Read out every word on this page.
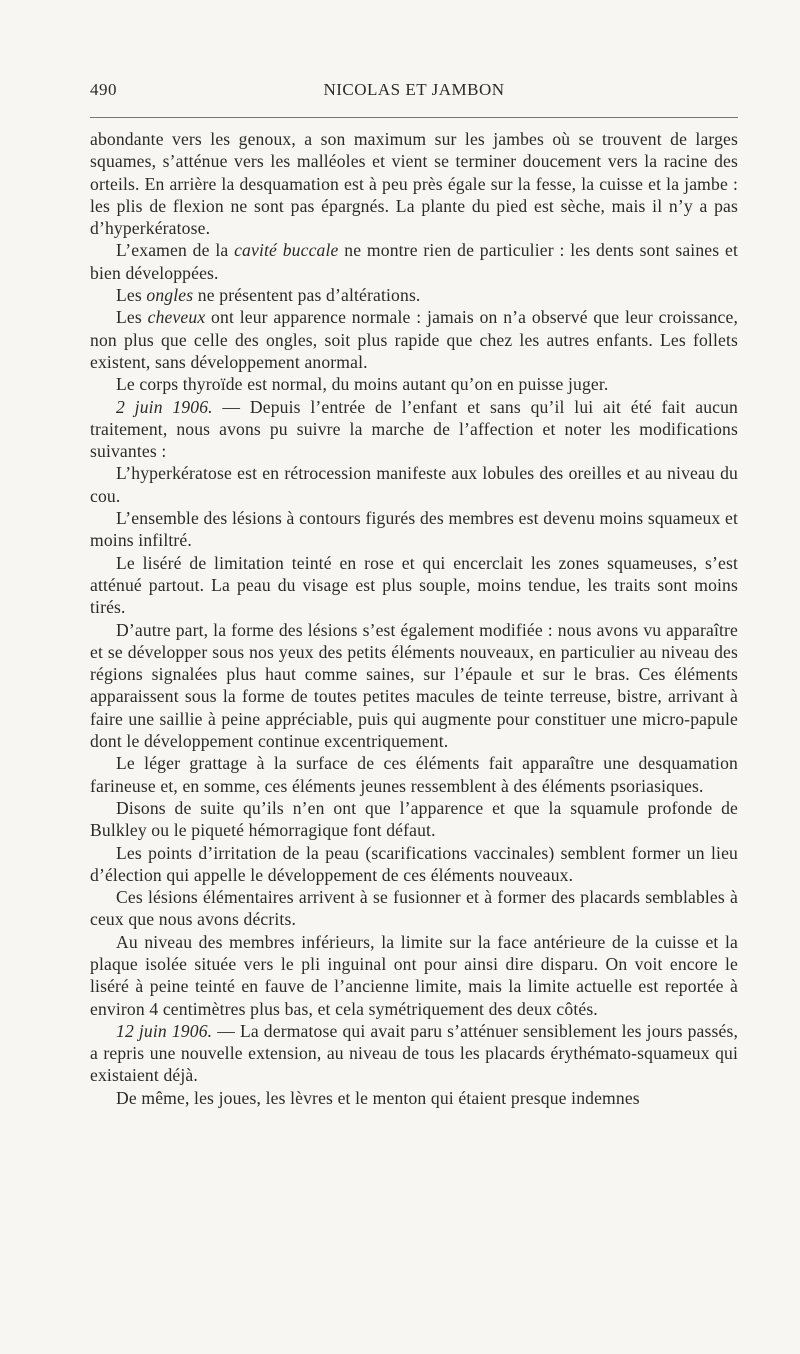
490	NICOLAS ET JAMBON

abondante vers les genoux, a son maximum sur les jambes où se trouvent de larges squames, s’atténue vers les malléoles et vient se terminer doucement vers la racine des orteils. En arrière la desquamation est à peu près égale sur la fesse, la cuisse et la jambe : les plis de flexion ne sont pas épargnés. La plante du pied est sèche, mais il n’y a pas d’hyperkératose.

L’examen de la cavité buccale ne montre rien de particulier : les dents sont saines et bien développées.

Les ongles ne présentent pas d’altérations.

Les cheveux ont leur apparence normale : jamais on n’a observé que leur croissance, non plus que celle des ongles, soit plus rapide que chez les autres enfants. Les follets existent, sans développement anormal.

Le corps thyroïde est normal, du moins autant qu’on en puisse juger.

2 juin 1906. — Depuis l’entrée de l’enfant et sans qu’il lui ait été fait aucun traitement, nous avons pu suivre la marche de l’affection et noter les modifications suivantes :

L’hyperkératose est en rétrocession manifeste aux lobules des oreilles et au niveau du cou.

L’ensemble des lésions à contours figurés des membres est devenu moins squameux et moins infiltré.

Le liséré de limitation teinté en rose et qui encerclait les zones squameuses, s’est atténué partout. La peau du visage est plus souple, moins tendue, les traits sont moins tirés.

D’autre part, la forme des lésions s’est également modifiée : nous avons vu apparaître et se développer sous nos yeux des petits éléments nouveaux, en particulier au niveau des régions signalées plus haut comme saines, sur l’épaule et sur le bras. Ces éléments apparaissent sous la forme de toutes petites macules de teinte terreuse, bistre, arrivant à faire une saillie à peine appréciable, puis qui augmente pour constituer une micro-papule dont le développement continue excentriquement.

Le léger grattage à la surface de ces éléments fait apparaître une desquamation farineuse et, en somme, ces éléments jeunes ressemblent à des éléments psoriasiques.

Disons de suite qu’ils n’en ont que l’apparence et que la squamule profonde de Bulkley ou le piqueté hémorragique font défaut.

Les points d’irritation de la peau (scarifications vaccinales) semblent former un lieu d’élection qui appelle le développement de ces éléments nouveaux.

Ces lésions élémentaires arrivent à se fusionner et à former des placards semblables à ceux que nous avons décrits.

Au niveau des membres inférieurs, la limite sur la face antérieure de la cuisse et la plaque isolée située vers le pli inguinal ont pour ainsi dire disparu. On voit encore le liséré à peine teinté en fauve de l’ancienne limite, mais la limite actuelle est reportée à environ 4 centimètres plus bas, et cela symétriquement des deux côtés.

12 juin 1906. — La dermatose qui avait paru s’atténuer sensiblement les jours passés, a repris une nouvelle extension, au niveau de tous les placards érythémato-squameux qui existaient déjà.

De même, les joues, les lèvres et le menton qui étaient presque indemnes
